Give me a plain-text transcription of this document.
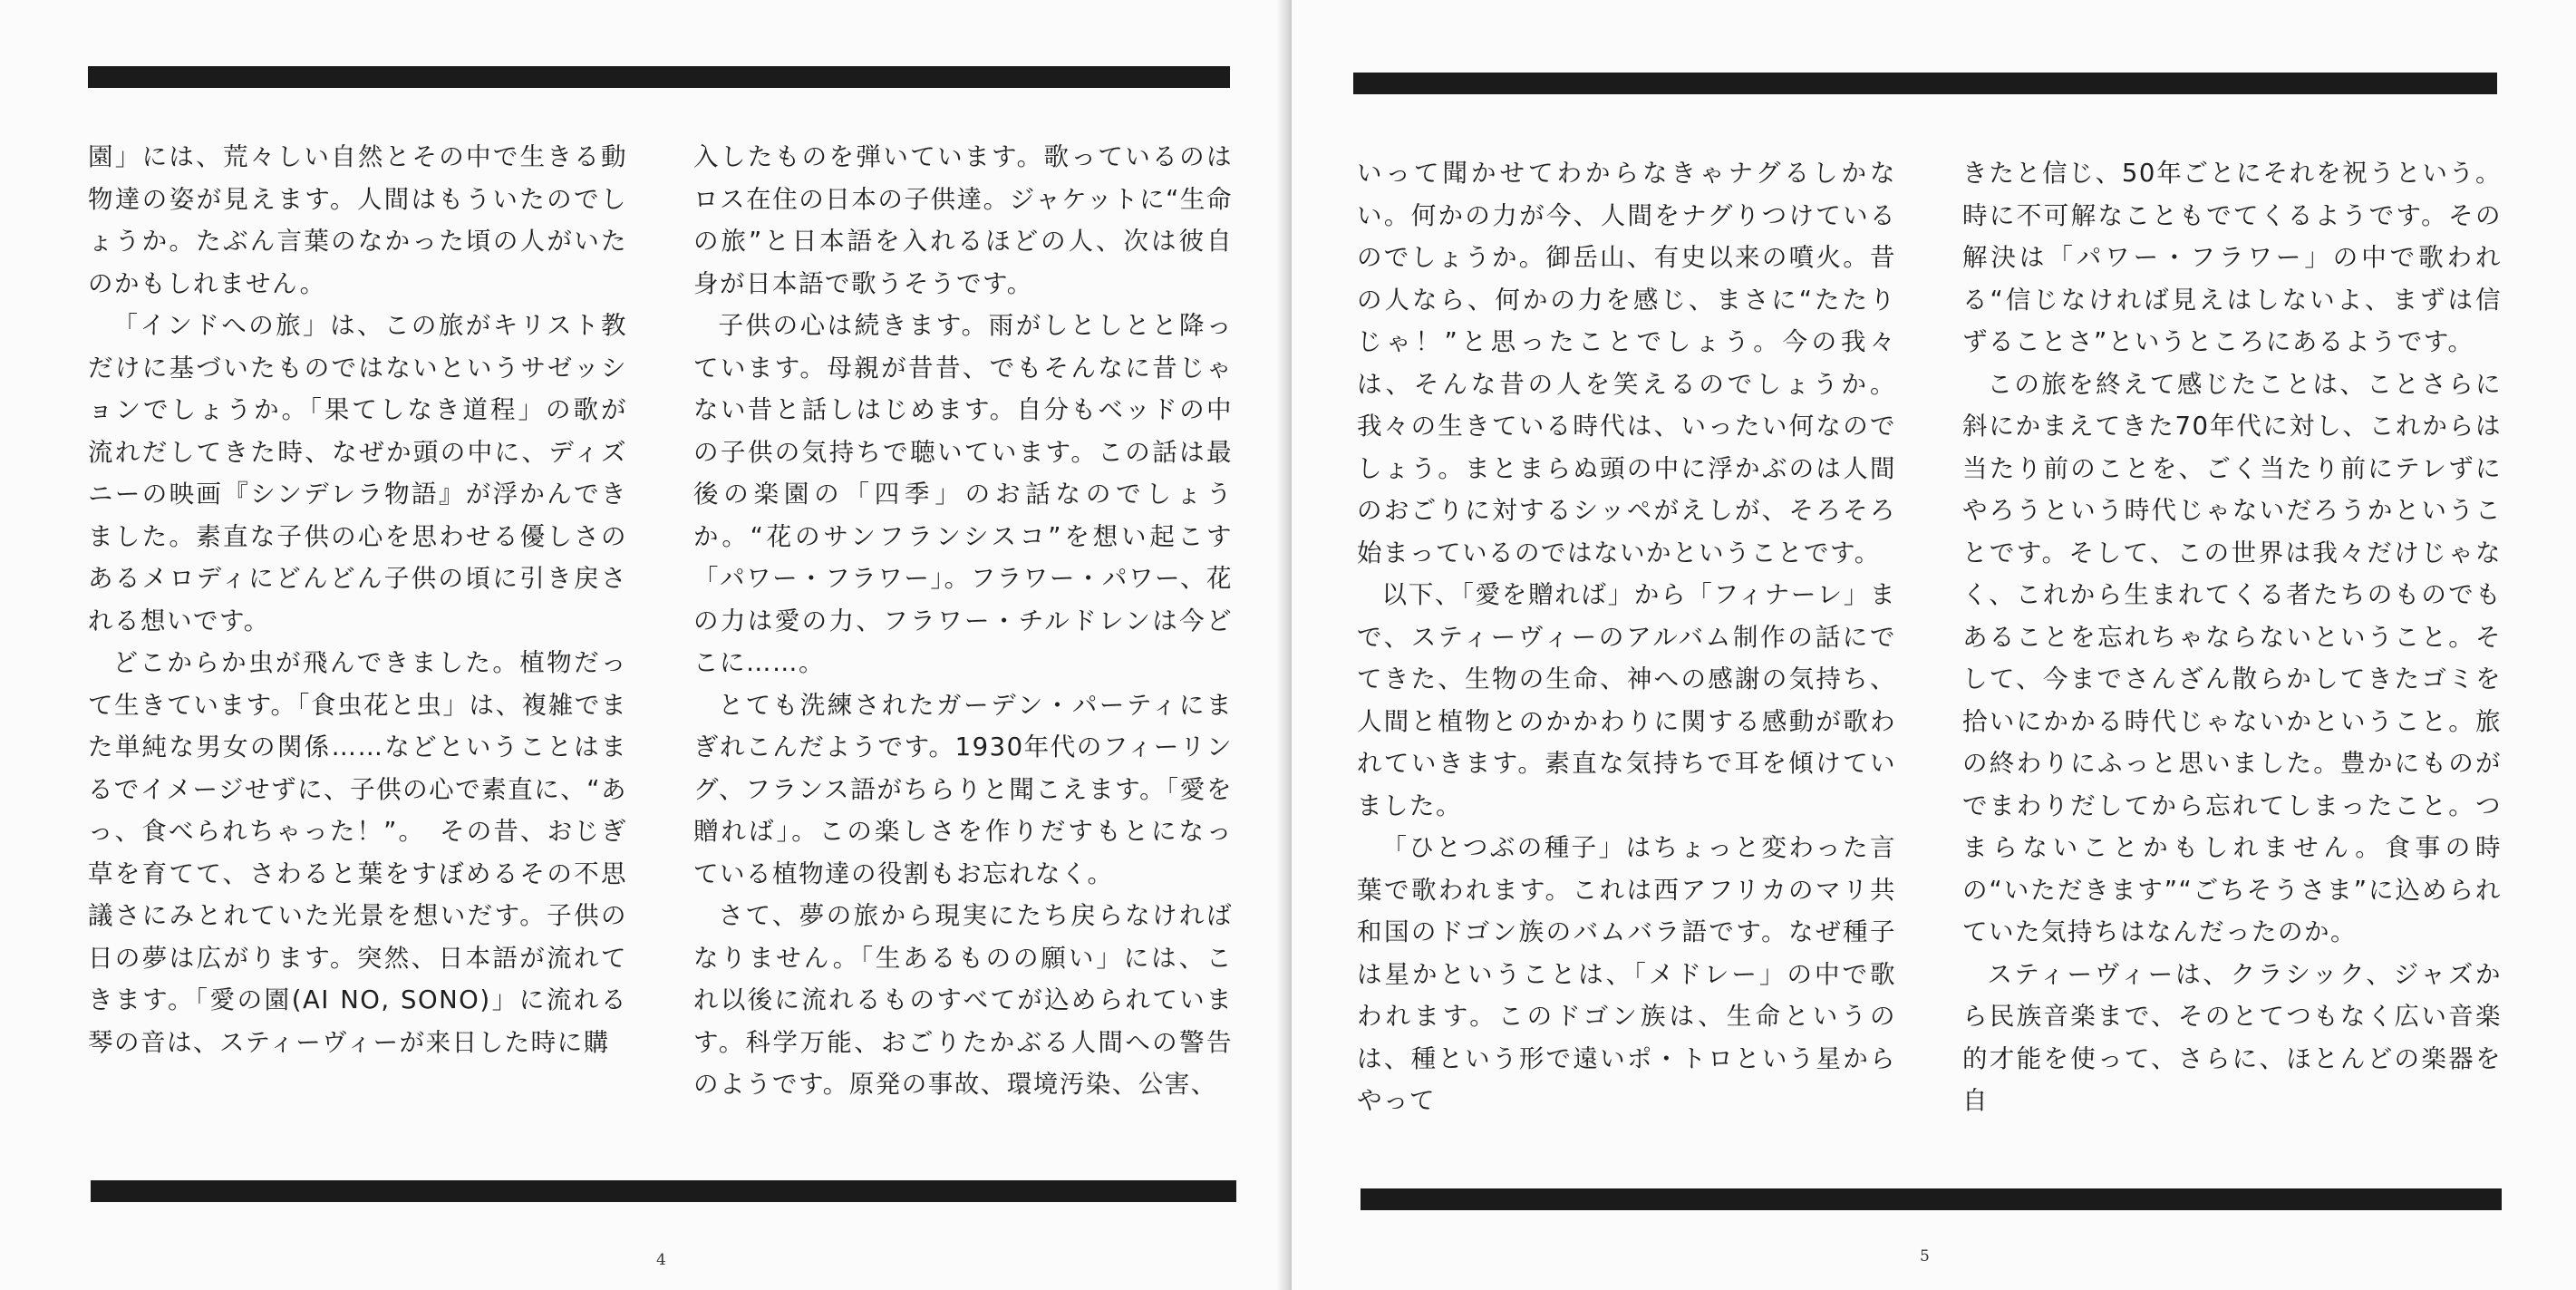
園」には、荒々しい自然とその中で生きる動物達の姿が見えます。人間はもういたのでしょうか。たぶん言葉のなかった頃の人がいたのかもしれません。

「インドへの旅」は、この旅がキリスト教だけに基づいたものではないというサゼッションでしょうか。「果てしなき道程」の歌が流れだしてきた時、なぜか頭の中に、ディズニーの映画『シンデレラ物語』が浮かんできました。素直な子供の心を思わせる優しさのあるメロディにどんどん子供の頃に引き戻される想いです。

どこからか虫が飛んできました。植物だって生きています。「食虫花と虫」は、複雑でまた単純な男女の関係……などということはまるでイメージせずに、子供の心で素直に、“あっ、食べられちゃった！”。　その昔、おじぎ草を育てて、さわると葉をすぼめるその不思議さにみとれていた光景を想いだす。子供の日の夢は広がります。突然、日本語が流れてきます。「愛の園(AI NO, SONO)」に流れる琴の音は、スティーヴィーが来日した時に購

入したものを弾いています。歌っているのはロス在住の日本の子供達。ジャケットに“生命の旅”と日本語を入れるほどの人、次は彼自身が日本語で歌うそうです。

子供の心は続きます。雨がしとしとと降っています。母親が昔昔、でもそんなに昔じゃない昔と話しはじめます。自分もベッドの中の子供の気持ちで聴いています。この話は最後の楽園の「四季」のお話なのでしょうか。“花のサンフランシスコ”を想い起こす「パワー・フラワー」。フラワー・パワー、花の力は愛の力、フラワー・チルドレンは今どこに……。

とても洗練されたガーデン・パーティにまぎれこんだようです。1930年代のフィーリング、フランス語がちらりと聞こえます。「愛を贈れば」。この楽しさを作りだすもとになっている植物達の役割もお忘れなく。

さて、夢の旅から現実にたち戻らなければなりません。「生あるものの願い」には、これ以後に流れるものすべてが込められています。科学万能、おごりたかぶる人間への警告のようです。原発の事故、環境汚染、公害、

4

いって聞かせてわからなきゃナグるしかない。何かの力が今、人間をナグりつけているのでしょうか。御岳山、有史以来の噴火。昔の人なら、何かの力を感じ、まさに“たたりじゃ！”と思ったことでしょう。今の我々は、そんな昔の人を笑えるのでしょうか。我々の生きている時代は、いったい何なのでしょう。まとまらぬ頭の中に浮かぶのは人間のおごりに対するシッペがえしが、そろそろ始まっているのではないかということです。

以下、「愛を贈れば」から「フィナーレ」まで、スティーヴィーのアルバム制作の話にでてきた、生物の生命、神への感謝の気持ち、人間と植物とのかかわりに関する感動が歌われていきます。素直な気持ちで耳を傾けていました。

「ひとつぶの種子」はちょっと変わった言葉で歌われます。これは西アフリカのマリ共和国のドゴン族のバムバラ語です。なぜ種子は星かということは、「メドレー」の中で歌われます。このドゴン族は、生命というのは、種という形で遠いポ・トロという星からやって

きたと信じ、50年ごとにそれを祝うという。時に不可解なこともでてくるようです。その解決は「パワー・フラワー」の中で歌われる“信じなければ見えはしないよ、まずは信ずることさ”というところにあるようです。

この旅を終えて感じたことは、ことさらに斜にかまえてきた70年代に対し、これからは当たり前のことを、ごく当たり前にテレずにやろうという時代じゃないだろうかということです。そして、この世界は我々だけじゃなく、これから生まれてくる者たちのものでもあることを忘れちゃならないということ。そして、今までさんざん散らかしてきたゴミを拾いにかかる時代じゃないかということ。旅の終わりにふっと思いました。豊かにものがでまわりだしてから忘れてしまったこと。つまらないことかもしれません。食事の時の“いただきます”“ごちそうさま”に込められていた気持ちはなんだったのか。

スティーヴィーは、クラシック、ジャズから民族音楽まで、そのとてつもなく広い音楽的才能を使って、さらに、ほとんどの楽器を自

5
